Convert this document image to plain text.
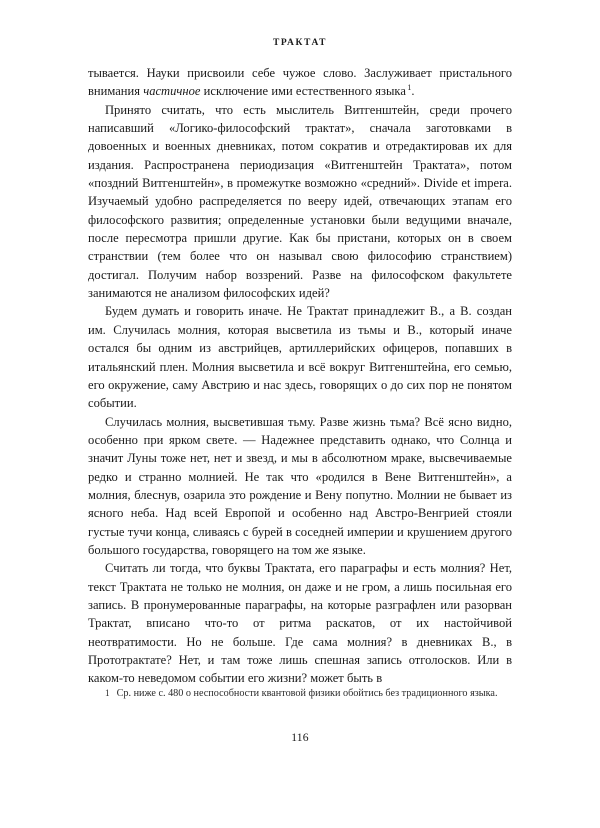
ТРАКТАТ

тывается. Науки присвоили себе чужое слово. Заслуживает пристального внимания частичное исключение ими естественного языка $^1$.

Принято считать, что есть мыслитель Витгенштейн, среди прочего написавший «Логико-философский трактат», сначала заготовками в довоенных и военных дневниках, потом сократив и отредактировав их для издания. Распространена периодизация «Витгенштейн Трактата», потом «поздний Витгенштейн», в промежутке возможно «средний». Divide et impera. Изучаемый удобно распределяется по вееру идей, отвечающих этапам его философского развития; определенные установки были ведущими вначале, после пересмотра пришли другие. Как бы пристани, которых он в своем странствии (тем более что он называл свою философию странствием) достигал. Получим набор воззрений. Разве на философском факультете занимаются не анализом философских идей?

Будем думать и говорить иначе. Не Трактат принадлежит В., а В. создан им. Случилась молния, которая высветила из тьмы и В., который иначе остался бы одним из австрийцев, артиллерийских офицеров, попавших в итальянский плен. Молния высветила и всё вокруг Витгенштейна, его семью, его окружение, саму Австрию и нас здесь, говорящих о до сих пор не понятом событии.

Случилась молния, высветившая тьму. Разве жизнь тьма? Всё ясно видно, особенно при ярком свете. — Надежнее представить однако, что Солнца и значит Луны тоже нет, нет и звезд, и мы в абсолютном мраке, высвечиваемые редко и странно молнией. Не так что «родился в Вене Витгенштейн», а молния, блеснув, озарила это рождение и Вену попутно. Молнии не бывает из ясного неба. Над всей Европой и особенно над Австро-Венгрией стояли густые тучи конца, сливаясь с бурей в соседней империи и крушением другого большого государства, говорящего на том же языке.

Считать ли тогда, что буквы Трактата, его параграфы и есть молния? Нет, текст Трактата не только не молния, он даже и не гром, а лишь посильная его запись. В пронумерованные параграфы, на которые разграфлен или разорван Трактат, вписано что-то от ритма раскатов, от их настойчивой неотвратимости. Но не больше. Где сама молния? в дневниках В., в Прототрактате? Нет, и там тоже лишь спешная запись отголосков. Или в каком-то неведомом событии его жизни? может быть в

1 Ср. ниже с. 480 о неспособности квантовой физики обойтись без традиционного языка.

116
